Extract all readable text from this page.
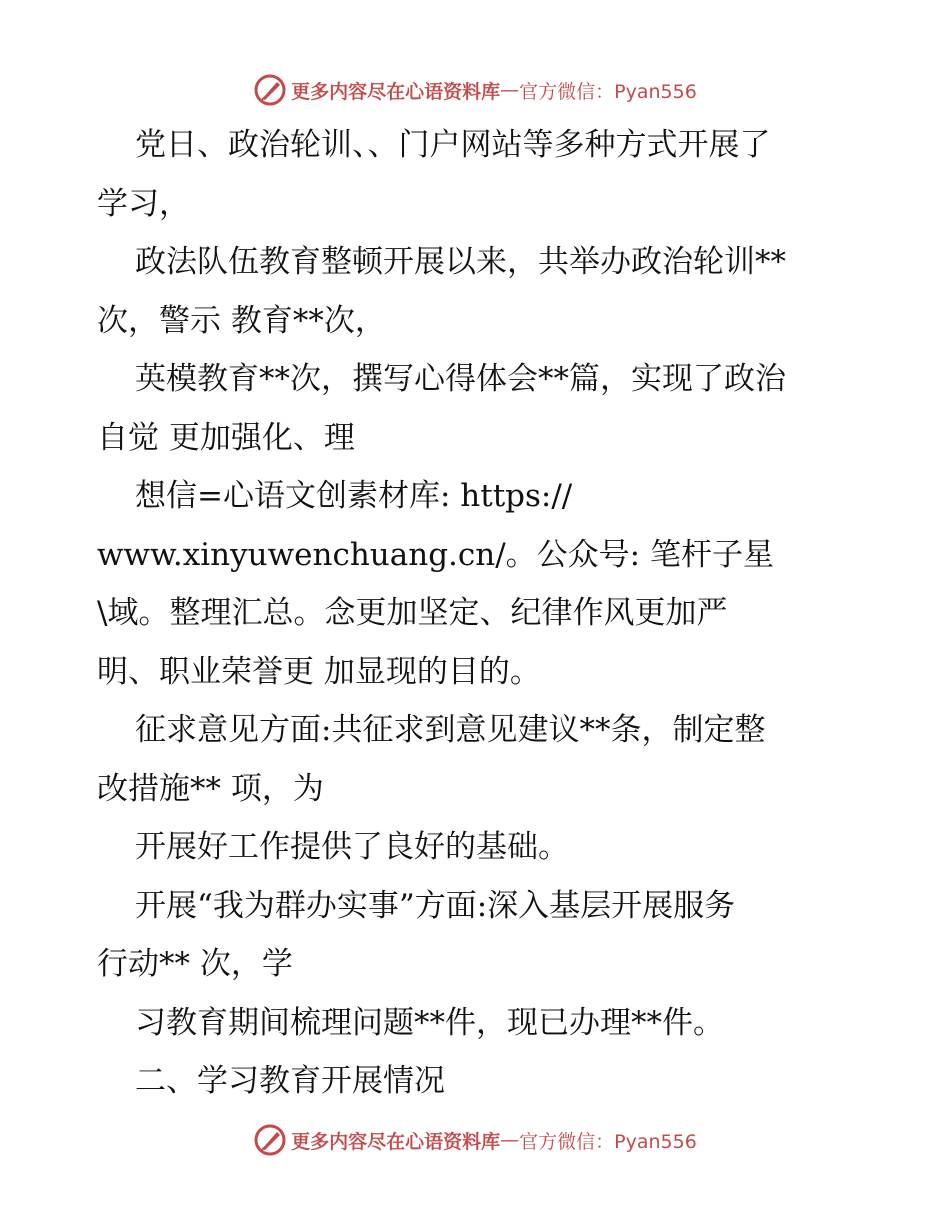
更多内容尽在心语资料库 — 官方微信：Pyan556
党日、政治轮训、、门户网站等多种方式开展了
学习，
政法队伍教育整顿开展以来，共举办政治轮训**
次，警示 教育**次，
英模教育**次，撰写心得体会**篇，实现了政治
自觉 更加强化、理
想信=心语文创素材库: https://
www.xinyuwenchuang.cn/。公众号: 笔杆子星
\域。整理汇总。念更加坚定、纪律作风更加严
明、职业荣誉更 加显现的目的。
征求意见方面:共征求到意见建议**条，制定整
改措施** 项，为
开展好工作提供了良好的基础。
开展“我为群办实事”方面:深入基层开展服务
行动** 次，学
习教育期间梳理问题**件，现已办理**件。
二、学习教育开展情况
更多内容尽在心语资料库 — 官方微信：Pyan556
